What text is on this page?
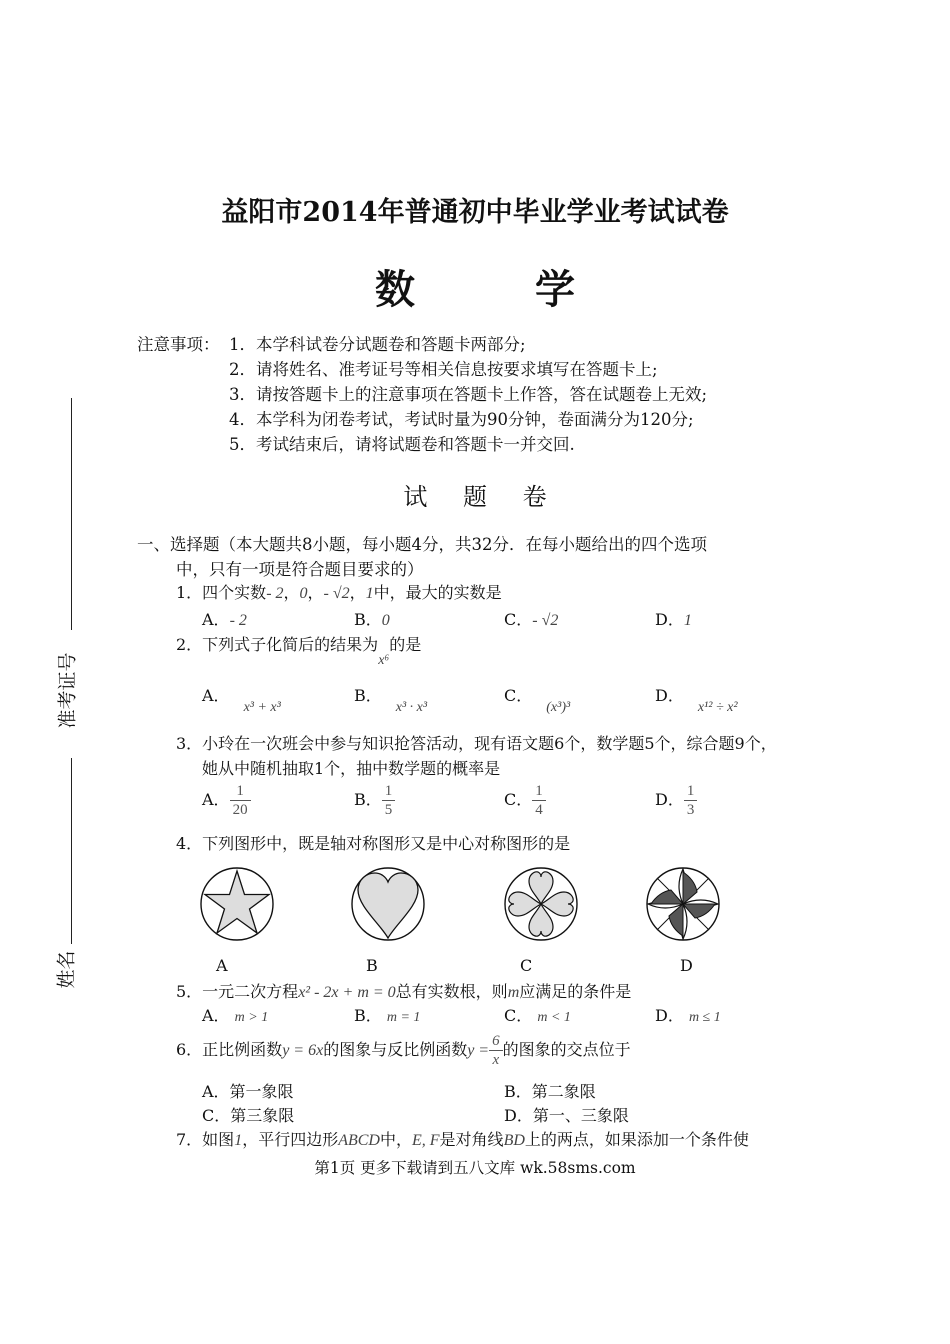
益阳市2014年普通初中毕业学业考试试卷
数　学
注意事项： 1．本学科试卷分试题卷和答题卡两部分;
2．请将姓名、准考证号等相关信息按要求填写在答题卡上;
3．请按答题卡上的注意事项在答题卡上作答，答在试题卷上无效;
4．本学科为闭卷考试，考试时量为90分钟，卷面满分为120分;
5．考试结束后，请将试题卷和答题卡一并交回.
准考证号
姓名
试 题 卷
一、选择题（本大题共8小题，每小题4分，共32分．在每小题给出的四个选项
中，只有一项是符合题目要求的）
1．四个实数- 2，0，- √2，1中，最大的实数是
A．- 2	B．0	C．- √2	D．1
2．下列式子化简后的结果为x⁶的是
A．x³ + x³
B．x³ · x³
C．(x³)³
D．x¹² ÷ x²
3．小玲在一次班会中参与知识抢答活动，现有语文题6个，数学题5个，综合题9个，
她从中随机抽取1个，抽中数学题的概率是
A． $\frac{1}{20}$	B． $\frac{1}{5}$	C． $\frac{1}{4}$	D． $\frac{1}{3}$
4．下列图形中，既是轴对称图形又是中心对称图形的是
A	B	C	D
5．一元二次方程x² - 2x + m = 0总有实数根，则m应满足的条件是
A． m > 1	B． m = 1	C． m < 1	D． m ≤ 1
6．正比例函数y = 6x的图象与反比例函数$y = \frac{6}{x}$ 的图象的交点位于
A．第一象限	B．第二象限
C．第三象限	D．第一、三象限
7．如图1，平行四边形ABCD中，E, F是对角线BD上的两点，如果添加一个条件使
第1页 更多下载请到五八文库 wk.58sms.com
